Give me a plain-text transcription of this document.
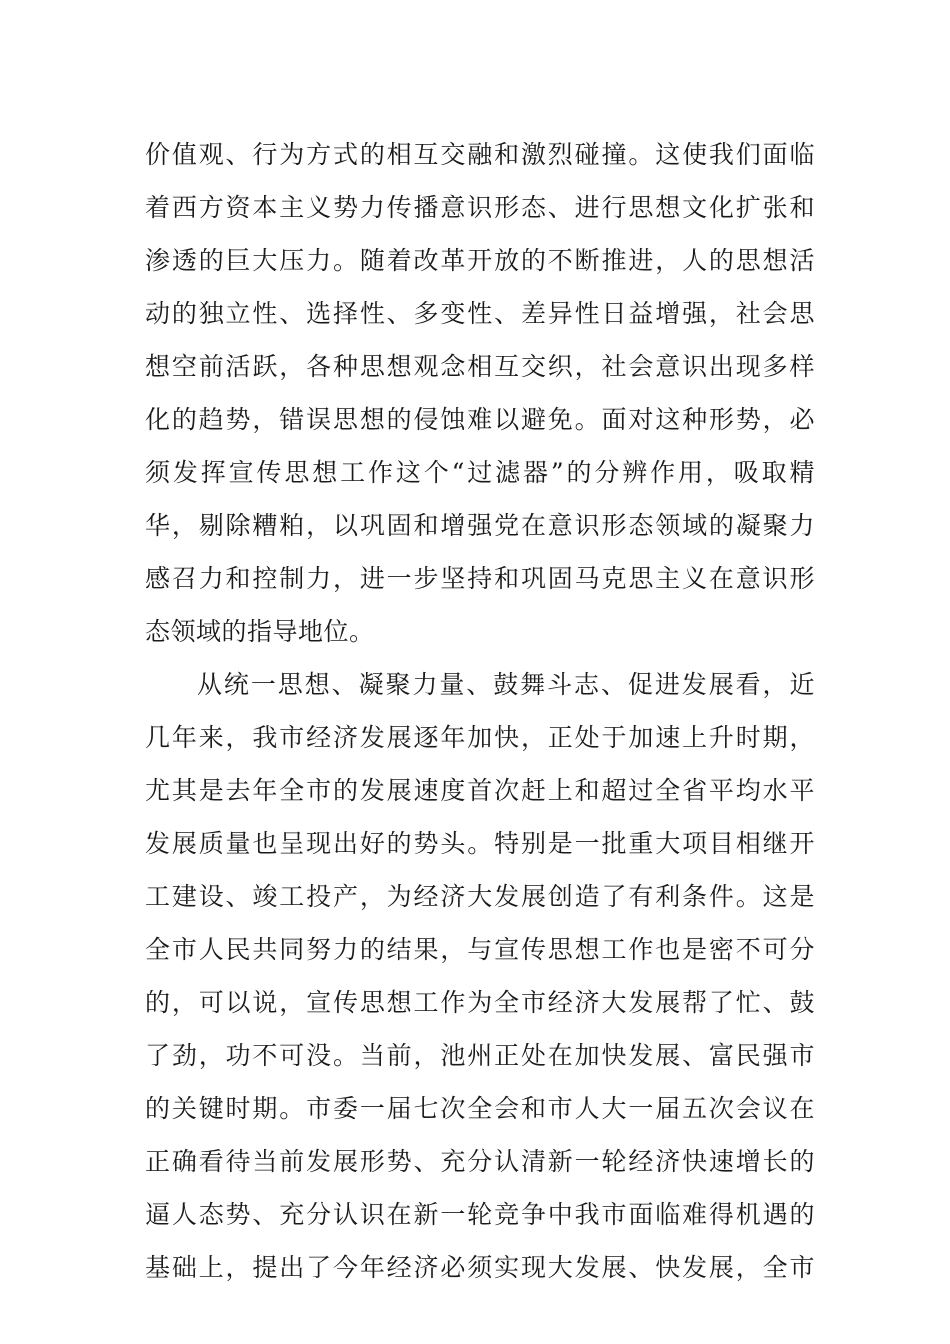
价值观、行为方式的相互交融和激烈碰撞。这使我们面临
着西方资本主义势力传播意识形态、进行思想文化扩张和
渗透的巨大压力。随着改革开放的不断推进，人的思想活
动的独立性、选择性、多变性、差异性日益增强，社会思
想空前活跃，各种思想观念相互交织，社会意识出现多样
化的趋势，错误思想的侵蚀难以避免。面对这种形势，必
须发挥宣传思想工作这个“过滤器”的分辨作用，吸取精
华，剔除糟粕，以巩固和增强党在意识形态领域的凝聚力
感召力和控制力，进一步坚持和巩固马克思主义在意识形
态领域的指导地位。
从统一思想、凝聚力量、鼓舞斗志、促进发展看，近
几年来，我市经济发展逐年加快，正处于加速上升时期，
尤其是去年全市的发展速度首次赶上和超过全省平均水平
发展质量也呈现出好的势头。特别是一批重大项目相继开
工建设、竣工投产，为经济大发展创造了有利条件。这是
全市人民共同努力的结果，与宣传思想工作也是密不可分
的，可以说，宣传思想工作为全市经济大发展帮了忙、鼓
了劲，功不可没。当前，池州正处在加快发展、富民强市
的关键时期。市委一届七次全会和市人大一届五次会议在
正确看待当前发展形势、充分认清新一轮经济快速增长的
逼人态势、充分认识在新一轮竞争中我市面临难得机遇的
基础上，提出了今年经济必须实现大发展、快发展，全市
